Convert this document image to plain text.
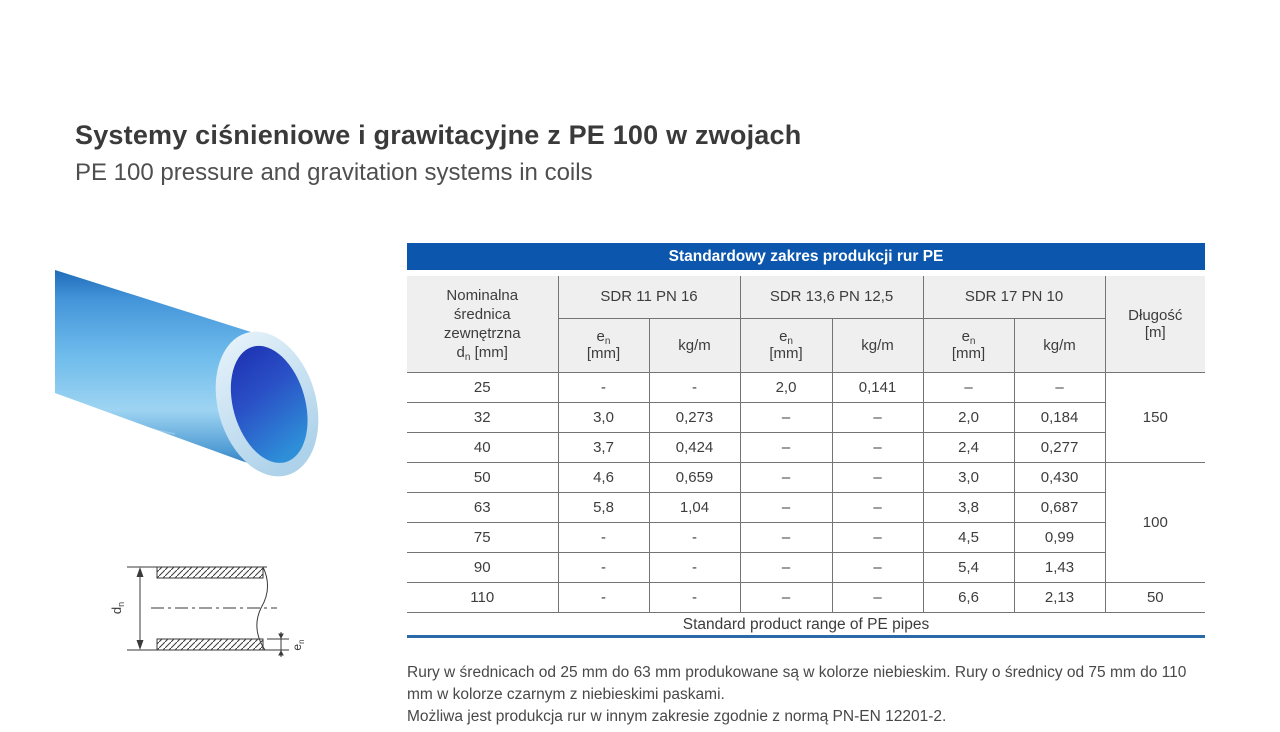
Systemy ciśnieniowe i grawitacyjne z PE 100 w zwojach
PE 100 pressure and gravitation systems in coils
$d_n$
$e_n$
Standardowy zakres produkcji rur PE
Nominalna
średnica
zewnętrzna
$d_n$ [mm]	SDR 11 PN 16		SDR 13,6 PN 12,5		SDR 17 PN 10		Długość
[m]
	$e_n$
[mm]	kg/m	$e_n$
[mm]	kg/m	$e_n$
[mm]	kg/m	
25	-	-	2,0	0,141	–	–	150
32	3,0	0,273	–	–	2,0	0,184	
40	3,7	0,424	–	–	2,4	0,277	
50	4,6	0,659	–	–	3,0	0,430	100
63	5,8	1,04	–	–	3,8	0,687	
75	-	-	–	–	4,5	0,99	
90	-	-	–	–	5,4	1,43	
110	-	-	–	–	6,6	2,13	50
Standard product range of PE pipes

Rury w średnicach od 25 mm do 63 mm produkowane są w kolorze niebieskim. Rury o średnicy od 75 mm do 110 mm w kolorze czarnym z niebieskimi paskami.

Możliwa jest produkcja rur w innym zakresie zgodnie z normą PN-EN 12201-2.
